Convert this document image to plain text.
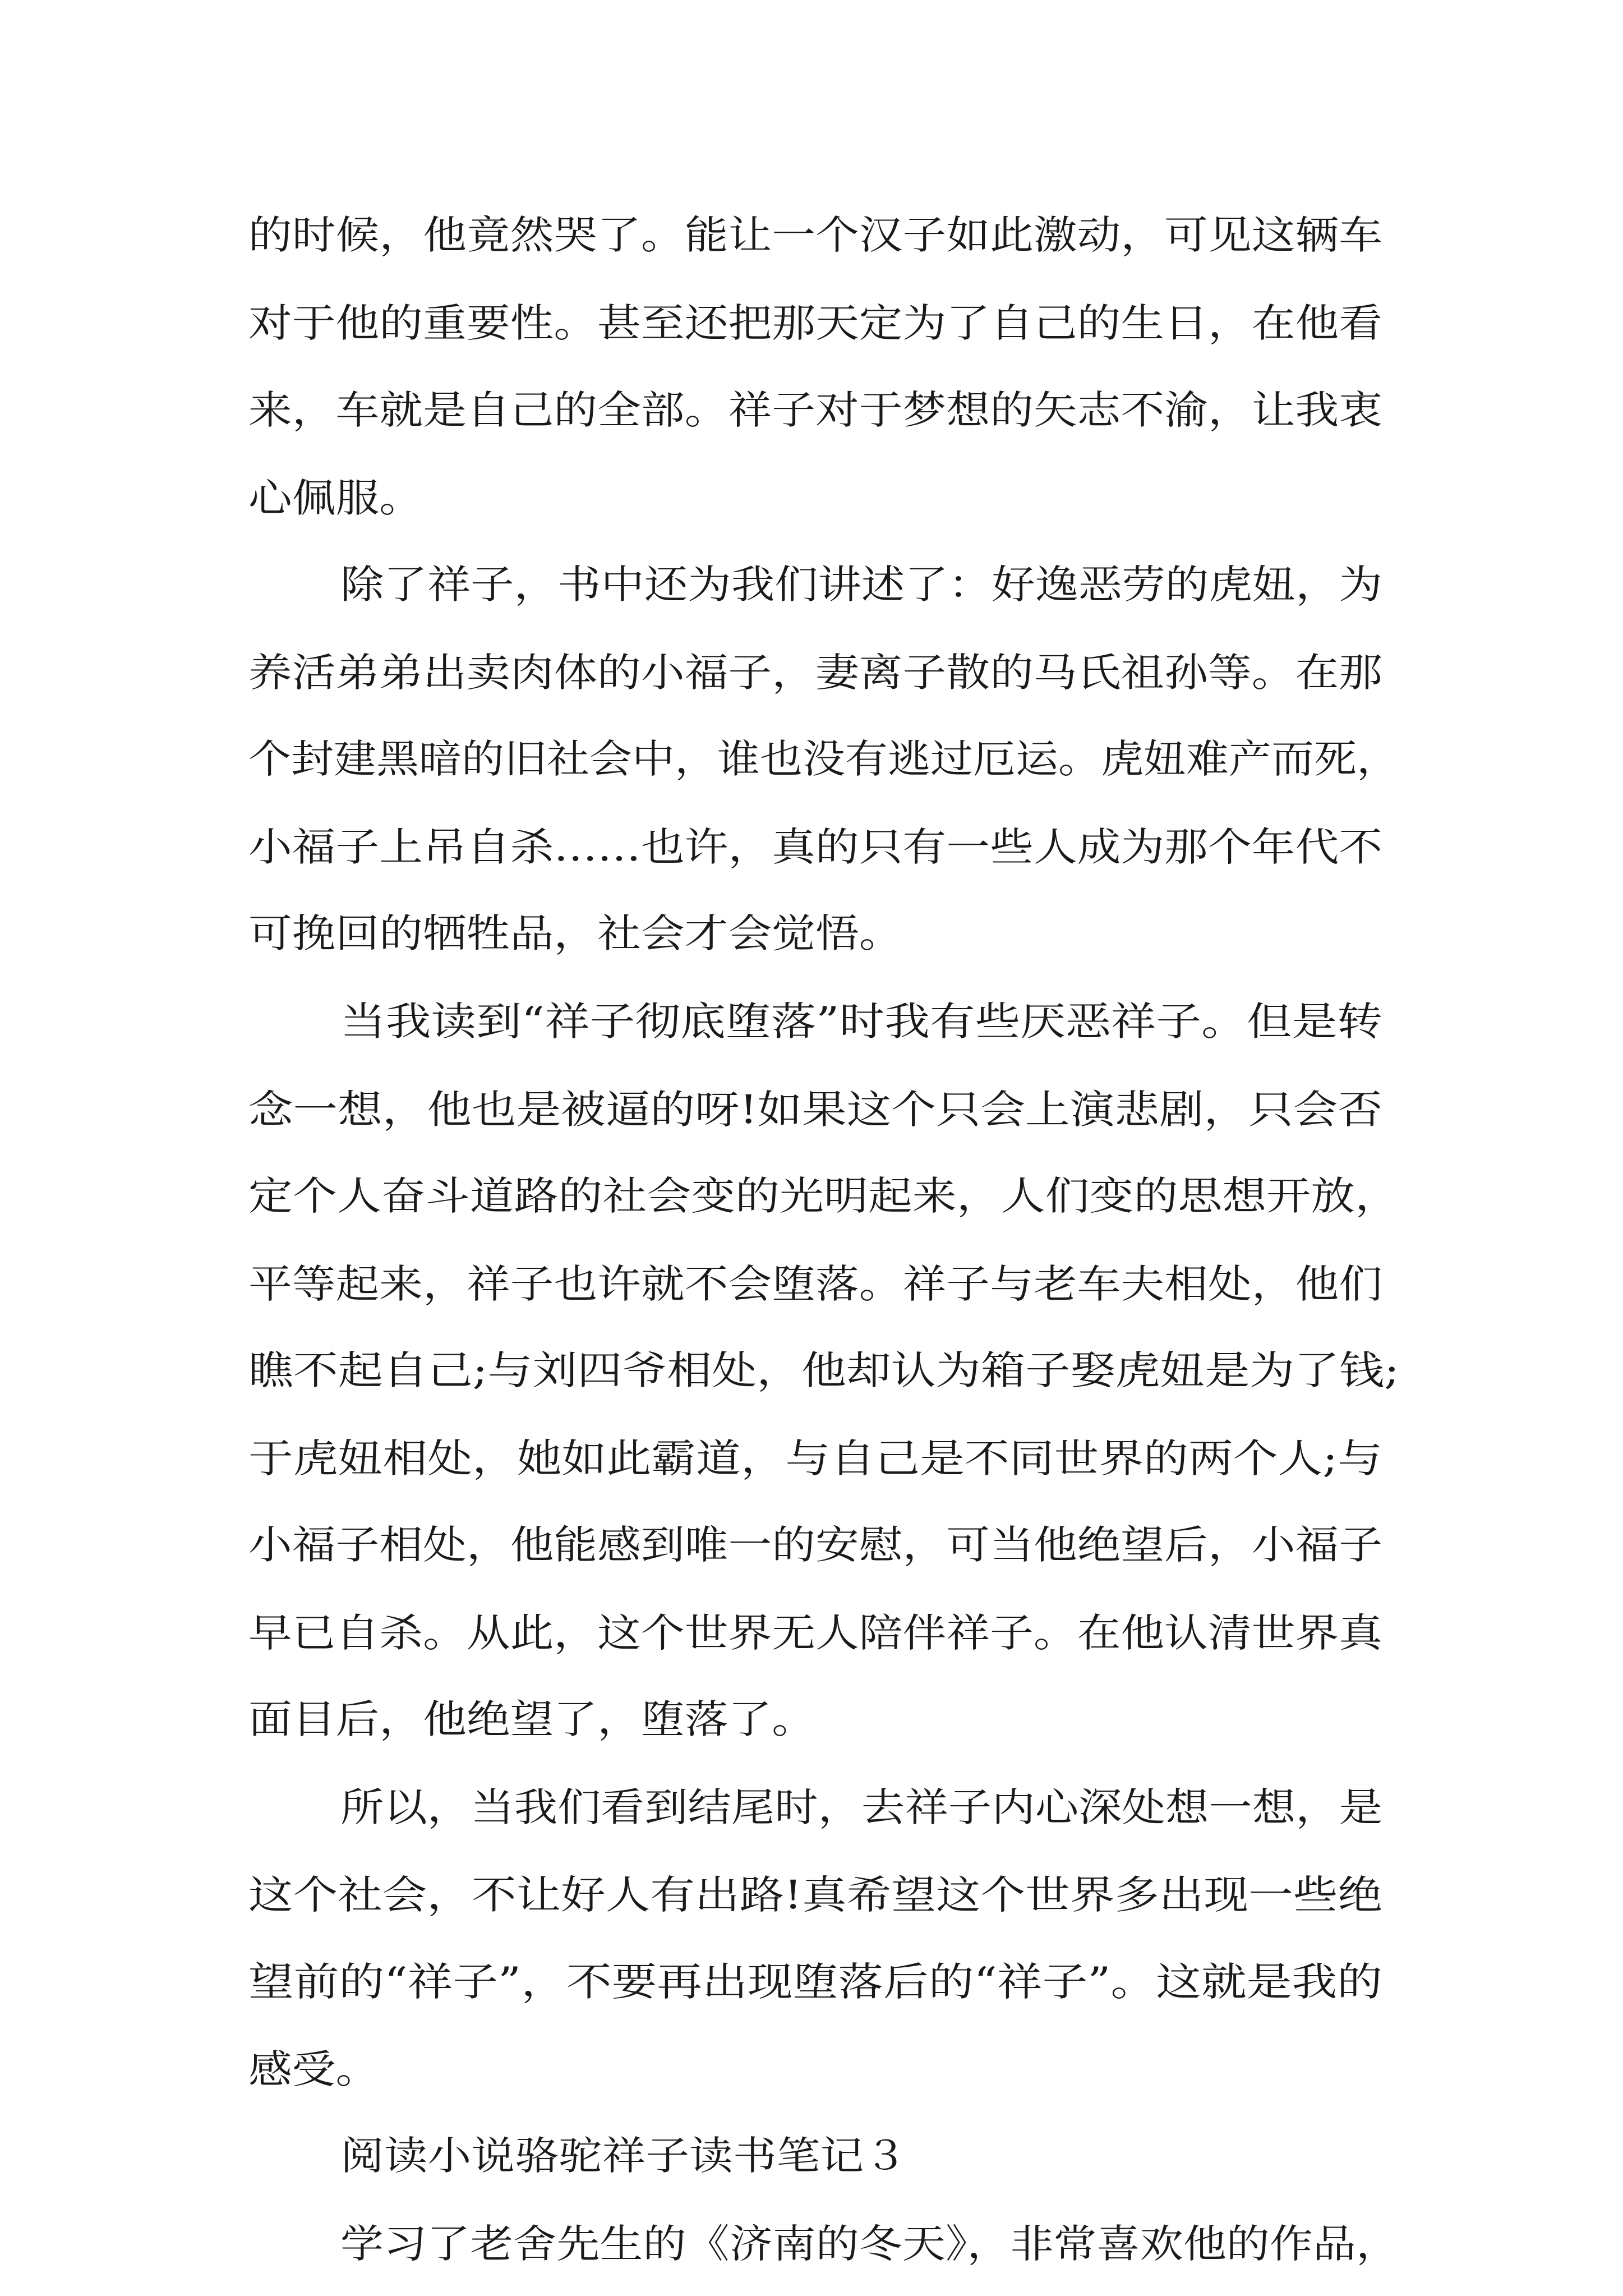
的时候，他竟然哭了。能让一个汉子如此激动，可见这辆车
对于他的重要性。甚至还把那天定为了自己的生日，在他看
来，车就是自己的全部。祥子对于梦想的矢志不渝，让我衷
心佩服。
除了祥子，书中还为我们讲述了：好逸恶劳的虎妞，为
养活弟弟出卖肉体的小福子，妻离子散的马氏祖孙等。在那
个封建黑暗的旧社会中，谁也没有逃过厄运。虎妞难产而死，
小福子上吊自杀……也许，真的只有一些人成为那个年代不
可挽回的牺牲品，社会才会觉悟。
当我读到“祥子彻底堕落”时我有些厌恶祥子。但是转
念一想，他也是被逼的呀!如果这个只会上演悲剧，只会否
定个人奋斗道路的社会变的光明起来，人们变的思想开放，
平等起来，祥子也许就不会堕落。祥子与老车夫相处，他们
瞧不起自己;与刘四爷相处，他却认为箱子娶虎妞是为了钱;
于虎妞相处，她如此霸道，与自己是不同世界的两个人;与
小福子相处，他能感到唯一的安慰，可当他绝望后，小福子
早已自杀。从此，这个世界无人陪伴祥子。在他认清世界真
面目后，他绝望了，堕落了。
所以，当我们看到结尾时，去祥子内心深处想一想，是
这个社会，不让好人有出路!真希望这个世界多出现一些绝
望前的“祥子”，不要再出现堕落后的“祥子”。这就是我的
感受。
阅读小说骆驼祥子读书笔记３
学习了老舍先生的《济南的冬天》，非常喜欢他的作品，
